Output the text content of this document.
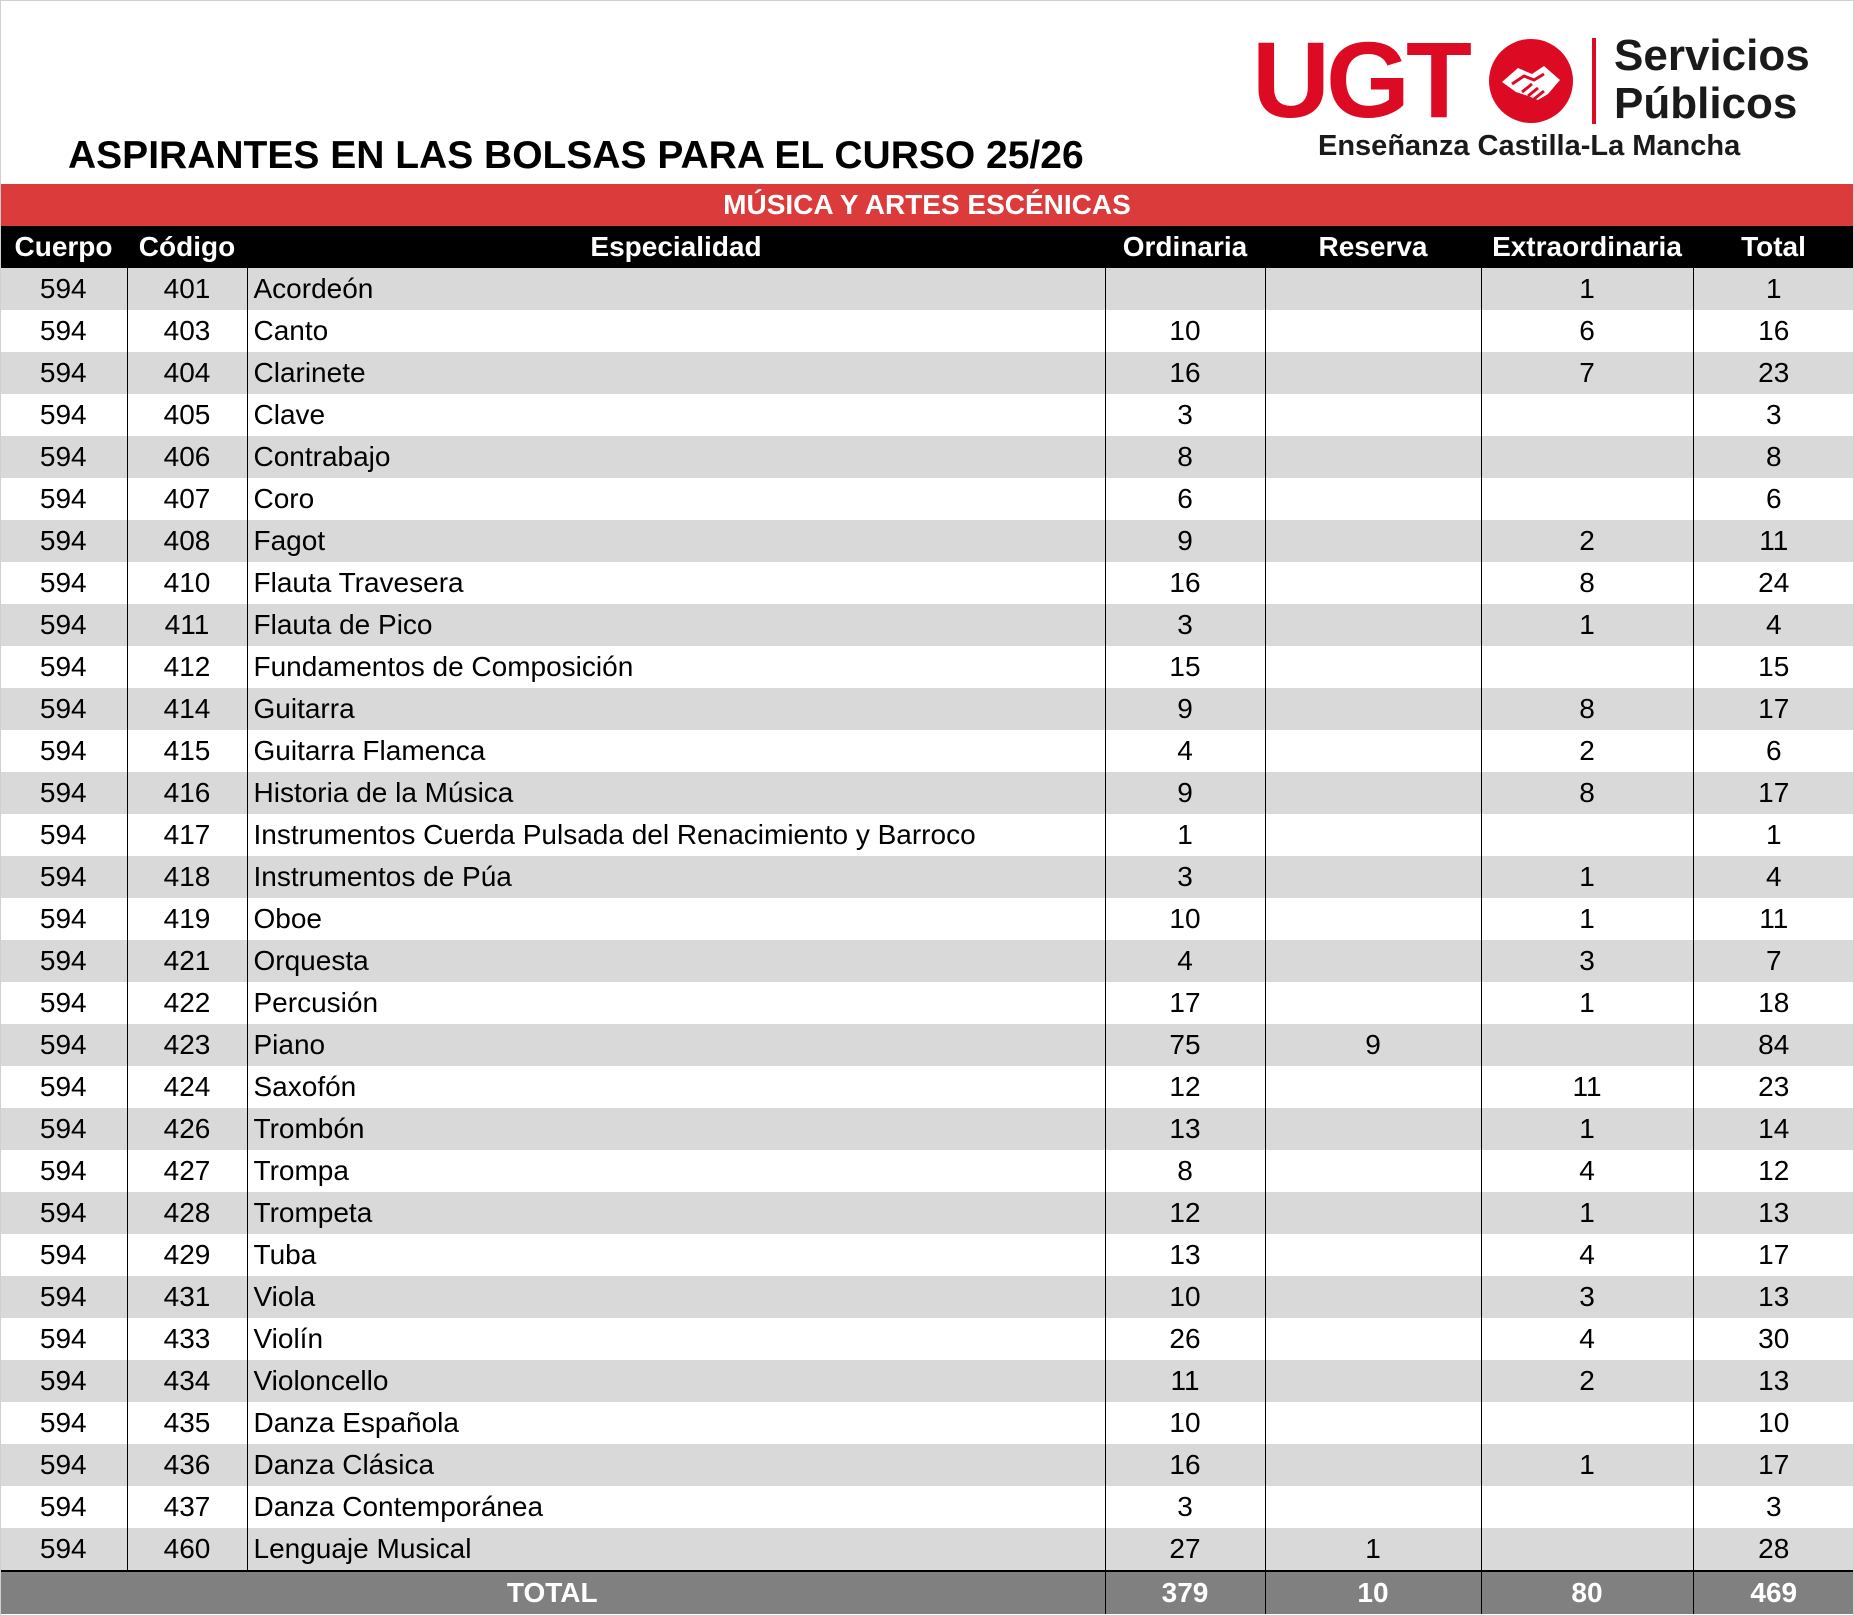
ASPIRANTES EN LAS BOLSAS PARA EL CURSO 25/26
UGT	Servicios
Públicos
Enseñanza Castilla-La Mancha
MÚSICA Y ARTES ESCÉNICAS
Cuerpo	Código	Especialidad	Ordinaria	Reserva	Extraordinaria	Total
594	401	Acordeón			1	1
594	403	Canto	10		6	16
594	404	Clarinete	16		7	23
594	405	Clave	3			3
594	406	Contrabajo	8			8
594	407	Coro	6			6
594	408	Fagot	9		2	11
594	410	Flauta Travesera	16		8	24
594	411	Flauta de Pico	3		1	4
594	412	Fundamentos de Composición	15			15
594	414	Guitarra	9		8	17
594	415	Guitarra Flamenca	4		2	6
594	416	Historia de la Música	9		8	17
594	417	Instrumentos Cuerda Pulsada del Renacimiento y Barroco	1			1
594	418	Instrumentos de Púa	3		1	4
594	419	Oboe	10		1	11
594	421	Orquesta	4		3	7
594	422	Percusión	17		1	18
594	423	Piano	75	9		84
594	424	Saxofón	12		11	23
594	426	Trombón	13		1	14
594	427	Trompa	8		4	12
594	428	Trompeta	12		1	13
594	429	Tuba	13		4	17
594	431	Viola	10		3	13
594	433	Violín	26		4	30
594	434	Violoncello	11		2	13
594	435	Danza Española	10			10
594	436	Danza Clásica	16		1	17
594	437	Danza Contemporánea	3			3
594	460	Lenguaje Musical	27	1		28
TOTAL			379	10	80	469
